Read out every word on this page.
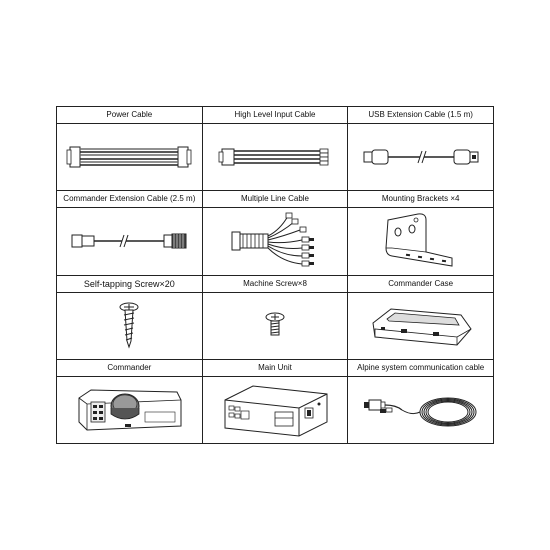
Power Cable	High Level Input Cable	USB Extension Cable (1.5 m)
Commander Extension Cable (2.5 m)	Multiple Line Cable	Mounting Brackets ×4
Self-tapping Screw×20	Machine Screw×8	Commander Case
Commander	Main Unit	Alpine system communication cable
